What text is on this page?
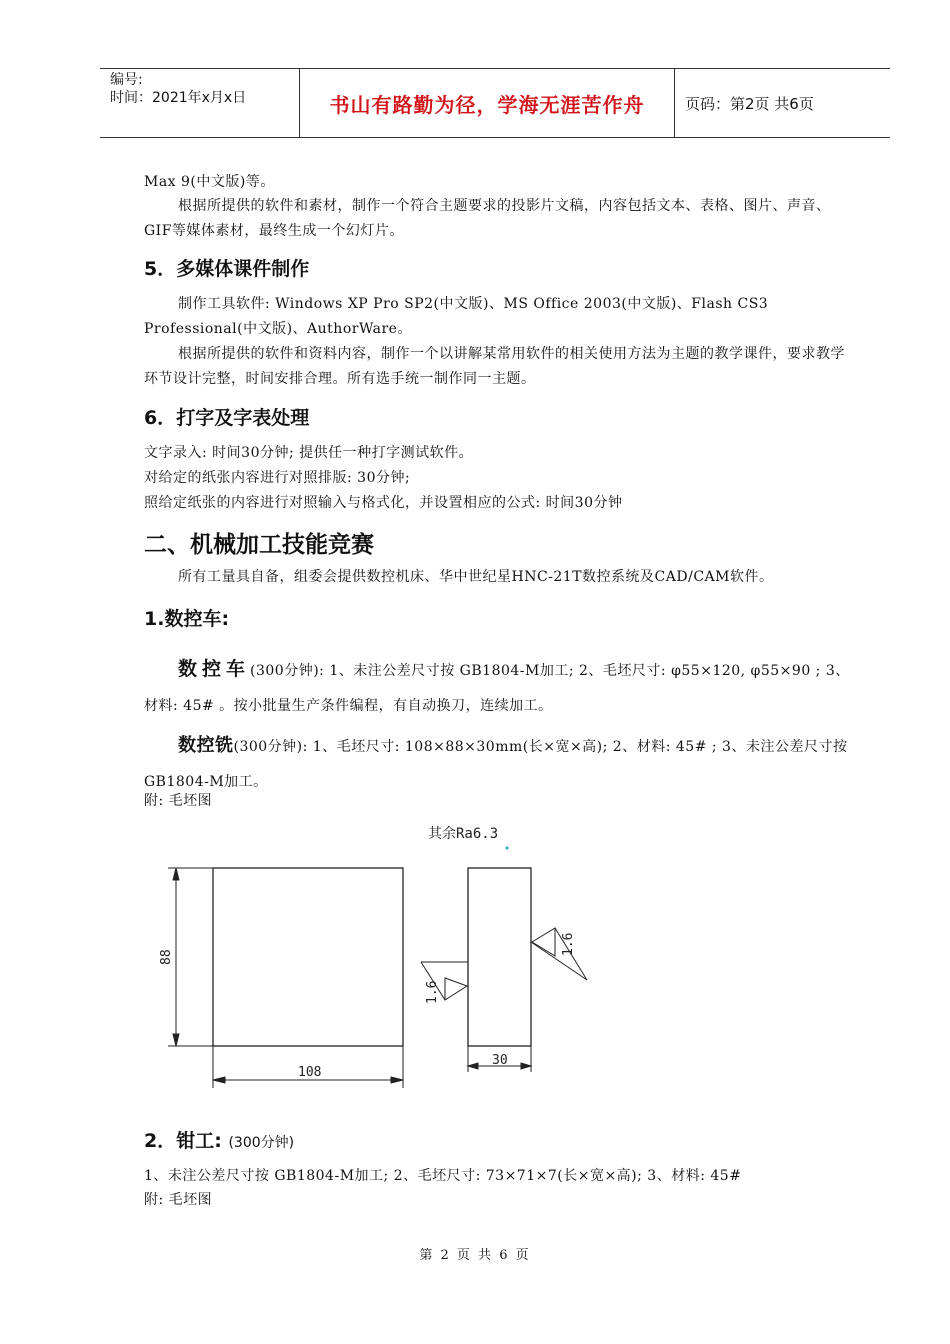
编号:
时间：2021年x月x日	书山有路勤为径，学海无涯苦作舟	页码：第2页 共6页

Max 9(中文版)等。

根据所提供的软件和素材，制作一个符合主题要求的投影片文稿，内容包括文本、表格、图片、声音、GIF等媒体素材，最终生成一个幻灯片。

5．多媒体课件制作

制作工具软件: Windows XP Pro SP2(中文版)、MS Office 2003(中文版)、Flash CS3 Professional(中文版)、AuthorWare。

根据所提供的软件和资料内容，制作一个以讲解某常用软件的相关使用方法为主题的教学课件，要求教学环节设计完整，时间安排合理。所有选手统一制作同一主题。

6．打字及字表处理

文字录入: 时间30分钟; 提供任一种打字测试软件。

对给定的纸张内容进行对照排版: 30分钟;

照给定纸张的内容进行对照输入与格式化，并设置相应的公式: 时间30分钟

二、机械加工技能竞赛

所有工量具自备，组委会提供数控机床、华中世纪星HNC-21T数控系统及CAD/CAM软件。

1.数控车:

数控车(300分钟): 1、未注公差尺寸按 GB1804-M加工; 2、毛坯尺寸: φ55×120, φ55×90 ; 3、材料: 45# 。按小批量生产条件编程，有自动换刀，连续加工。

数控铣(300分钟): 1、毛坯尺寸: 108×88×30mm(长×宽×高); 2、材料: 45# ; 3、未注公差尺寸按 GB1804-M加工。

附: 毛坯图

其余Ra6.3
88
108
30
1.6
1.6
2．钳工: (300分钟)

1、未注公差尺寸按 GB1804-M加工; 2、毛坯尺寸: 73×71×7(长×宽×高); 3、材料: 45#

附: 毛坯图

第 2 页 共 6 页
